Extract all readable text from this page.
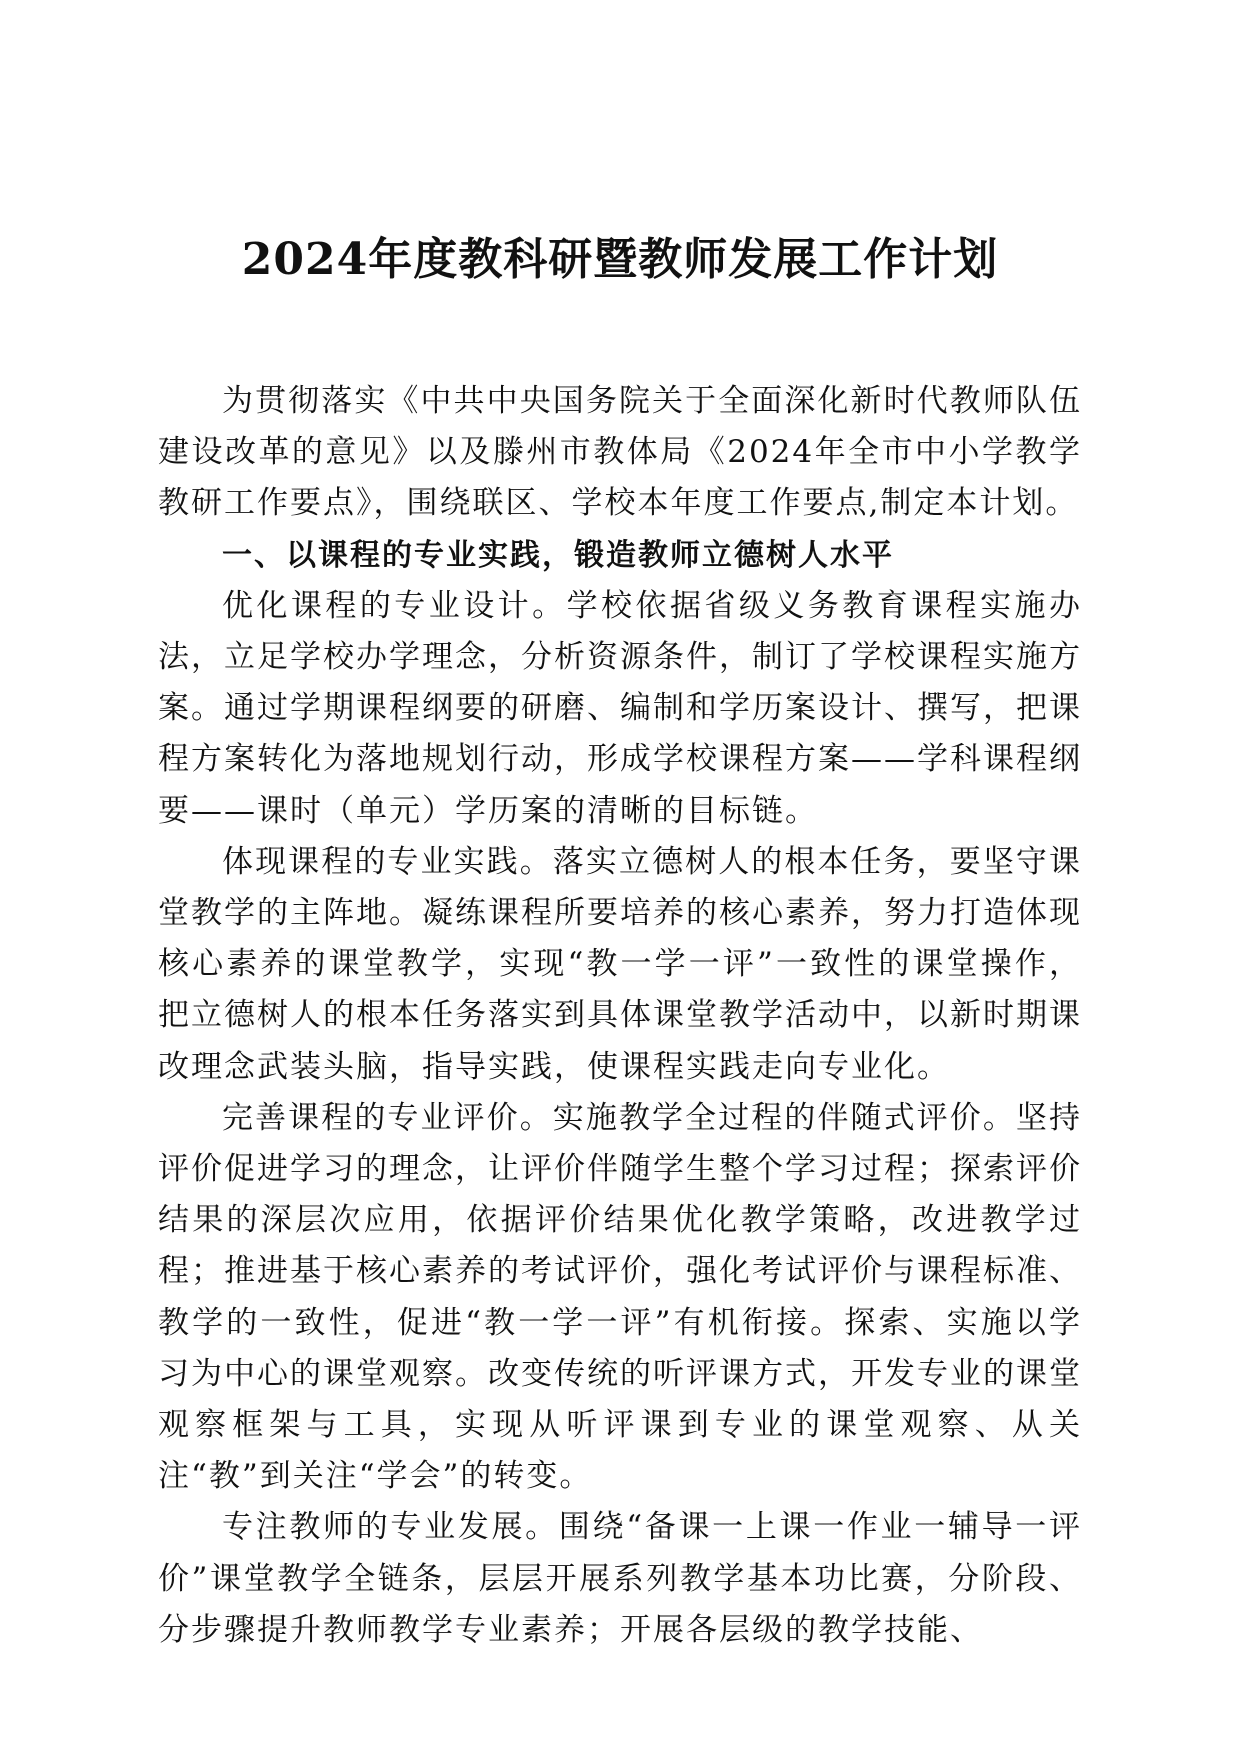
2024年度教科研暨教师发展工作计划

为贯彻落实《中共中央国务院关于全面深化新时代教师队伍建设改革的意见》以及滕州市教体局《2024年全市中小学教学教研工作要点》，围绕联区、学校本年度工作要点,制定本计划。

一、以课程的专业实践，锻造教师立德树人水平

优化课程的专业设计。学校依据省级义务教育课程实施办法，立足学校办学理念，分析资源条件，制订了学校课程实施方案。通过学期课程纲要的研磨、编制和学历案设计、撰写，把课程方案转化为落地规划行动，形成学校课程方案——学科课程纲要——课时（单元）学历案的清晰的目标链。

体现课程的专业实践。落实立德树人的根本任务，要坚守课堂教学的主阵地。凝练课程所要培养的核心素养，努力打造体现核心素养的课堂教学，实现“教一学一评”一致性的课堂操作，把立德树人的根本任务落实到具体课堂教学活动中，以新时期课改理念武装头脑，指导实践，使课程实践走向专业化。

完善课程的专业评价。实施教学全过程的伴随式评价。坚持评价促进学习的理念，让评价伴随学生整个学习过程；探索评价结果的深层次应用，依据评价结果优化教学策略，改进教学过程；推进基于核心素养的考试评价，强化考试评价与课程标准、教学的一致性，促进“教一学一评”有机衔接。探索、实施以学习为中心的课堂观察。改变传统的听评课方式，开发专业的课堂观察框架与工具，实现从听评课到专业的课堂观察、从关注“教”到关注“学会”的转变。

专注教师的专业发展。围绕“备课一上课一作业一辅导一评价”课堂教学全链条，层层开展系列教学基本功比赛，分阶段、分步骤提升教师教学专业素养；开展各层级的教学技能、
